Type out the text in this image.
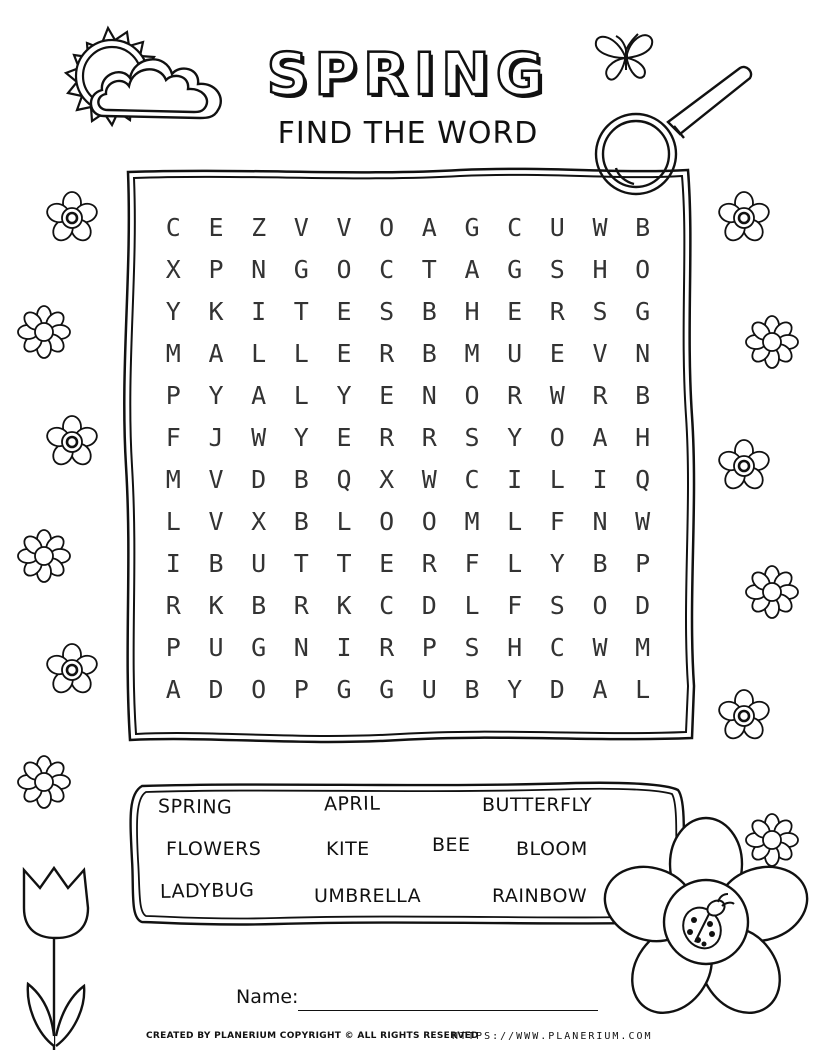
SPRING
FIND THE WORD
C	E	Z	V	V	O	A	G	C	U	W	B
X	P	N	G	O	C	T	A	G	S	H	O
Y	K	I	T	E	S	B	H	E	R	S	G
M	A	L	L	E	R	B	M	U	E	V	N
P	Y	A	L	Y	E	N	O	R	W	R	B
F	J	W	Y	E	R	R	S	Y	O	A	H
M	V	D	B	Q	X	W	C	I	L	I	Q
L	V	X	B	L	O	O	M	L	F	N	W
I	B	U	T	T	E	R	F	L	Y	B	P
R	K	B	R	K	C	D	L	F	S	O	D
P	U	G	N	I	R	P	S	H	C	W	M
A	D	O	P	G	G	U	B	Y	D	A	L
SPRING	APRIL	BUTTERFLY
FLOWERS	KITE	BEE BLOOM
LADYBUG	UMBRELLA	RAINBOW
Name:
CREATED BY PLANERIUM COPYRIGHT © ALL RIGHTS RESERVED
HTTPS://WWW.PLANERIUM.COM
